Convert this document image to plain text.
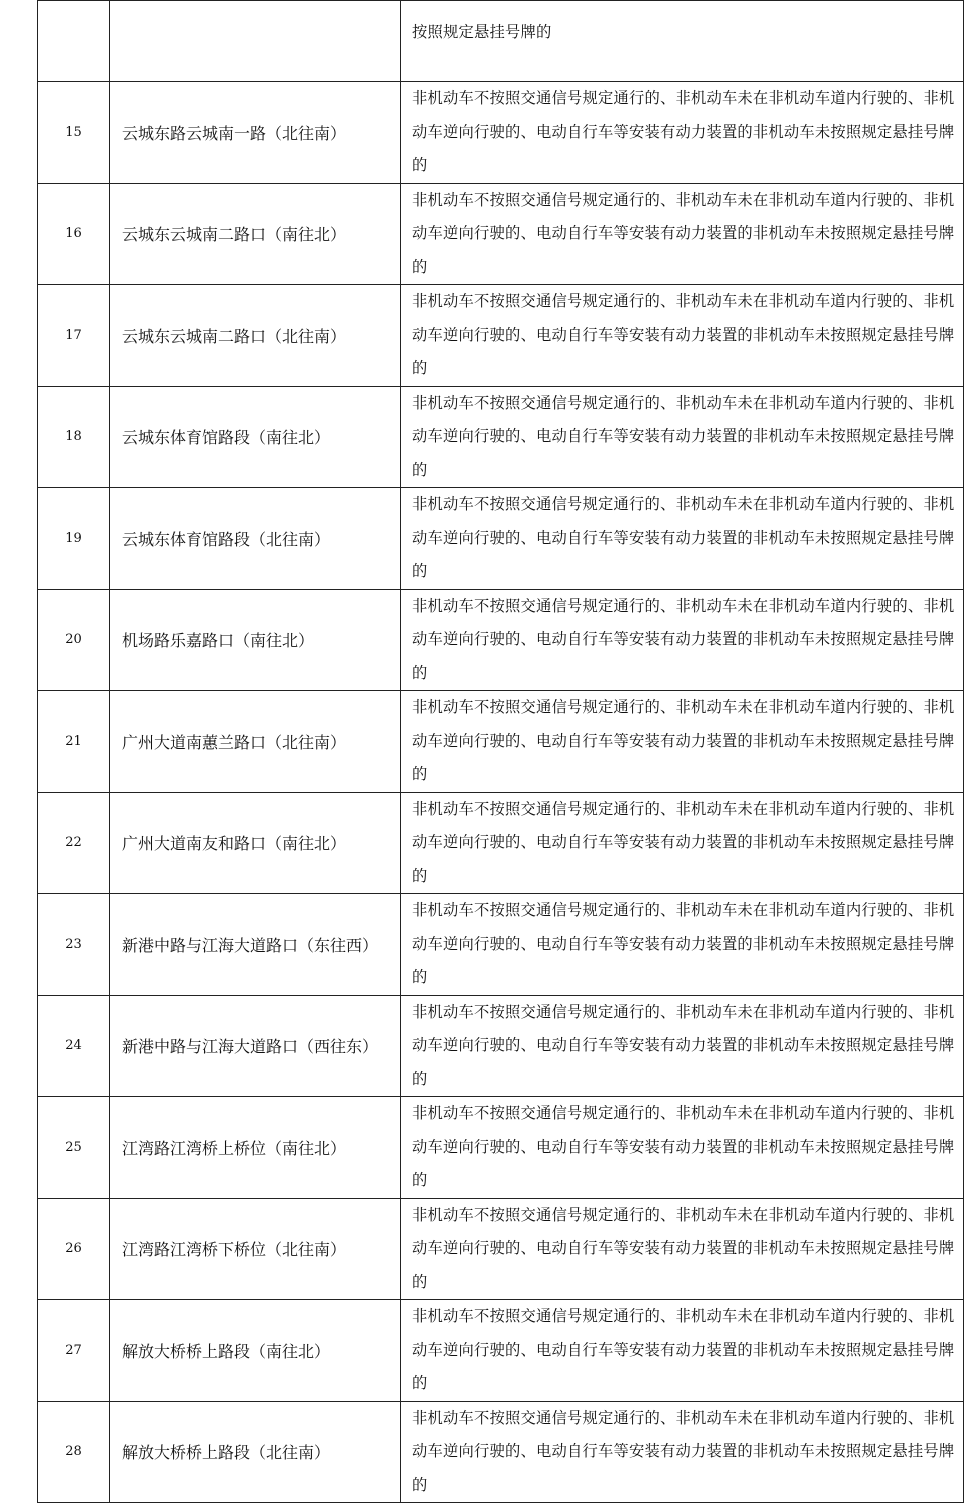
		按照规定悬挂号牌的
15	云城东路云城南一路（北往南）	非机动车不按照交通信号规定通行的、非机动车未在非机动车道内行驶的、非机动车逆向行驶的、电动自行车等安装有动力装置的非机动车未按照规定悬挂号牌的
16	云城东云城南二路口（南往北）	非机动车不按照交通信号规定通行的、非机动车未在非机动车道内行驶的、非机动车逆向行驶的、电动自行车等安装有动力装置的非机动车未按照规定悬挂号牌的
17	云城东云城南二路口（北往南）	非机动车不按照交通信号规定通行的、非机动车未在非机动车道内行驶的、非机动车逆向行驶的、电动自行车等安装有动力装置的非机动车未按照规定悬挂号牌的
18	云城东体育馆路段（南往北）	非机动车不按照交通信号规定通行的、非机动车未在非机动车道内行驶的、非机动车逆向行驶的、电动自行车等安装有动力装置的非机动车未按照规定悬挂号牌的
19	云城东体育馆路段（北往南）	非机动车不按照交通信号规定通行的、非机动车未在非机动车道内行驶的、非机动车逆向行驶的、电动自行车等安装有动力装置的非机动车未按照规定悬挂号牌的
20	机场路乐嘉路口（南往北）	非机动车不按照交通信号规定通行的、非机动车未在非机动车道内行驶的、非机动车逆向行驶的、电动自行车等安装有动力装置的非机动车未按照规定悬挂号牌的
21	广州大道南蕙兰路口（北往南）	非机动车不按照交通信号规定通行的、非机动车未在非机动车道内行驶的、非机动车逆向行驶的、电动自行车等安装有动力装置的非机动车未按照规定悬挂号牌的
22	广州大道南友和路口（南往北）	非机动车不按照交通信号规定通行的、非机动车未在非机动车道内行驶的、非机动车逆向行驶的、电动自行车等安装有动力装置的非机动车未按照规定悬挂号牌的
23	新港中路与江海大道路口（东往西）	非机动车不按照交通信号规定通行的、非机动车未在非机动车道内行驶的、非机动车逆向行驶的、电动自行车等安装有动力装置的非机动车未按照规定悬挂号牌的
24	新港中路与江海大道路口（西往东）	非机动车不按照交通信号规定通行的、非机动车未在非机动车道内行驶的、非机动车逆向行驶的、电动自行车等安装有动力装置的非机动车未按照规定悬挂号牌的
25	江湾路江湾桥上桥位（南往北）	非机动车不按照交通信号规定通行的、非机动车未在非机动车道内行驶的、非机动车逆向行驶的、电动自行车等安装有动力装置的非机动车未按照规定悬挂号牌的
26	江湾路江湾桥下桥位（北往南）	非机动车不按照交通信号规定通行的、非机动车未在非机动车道内行驶的、非机动车逆向行驶的、电动自行车等安装有动力装置的非机动车未按照规定悬挂号牌的
27	解放大桥桥上路段（南往北）	非机动车不按照交通信号规定通行的、非机动车未在非机动车道内行驶的、非机动车逆向行驶的、电动自行车等安装有动力装置的非机动车未按照规定悬挂号牌的
28	解放大桥桥上路段（北往南）	非机动车不按照交通信号规定通行的、非机动车未在非机动车道内行驶的、非机动车逆向行驶的、电动自行车等安装有动力装置的非机动车未按照规定悬挂号牌的
